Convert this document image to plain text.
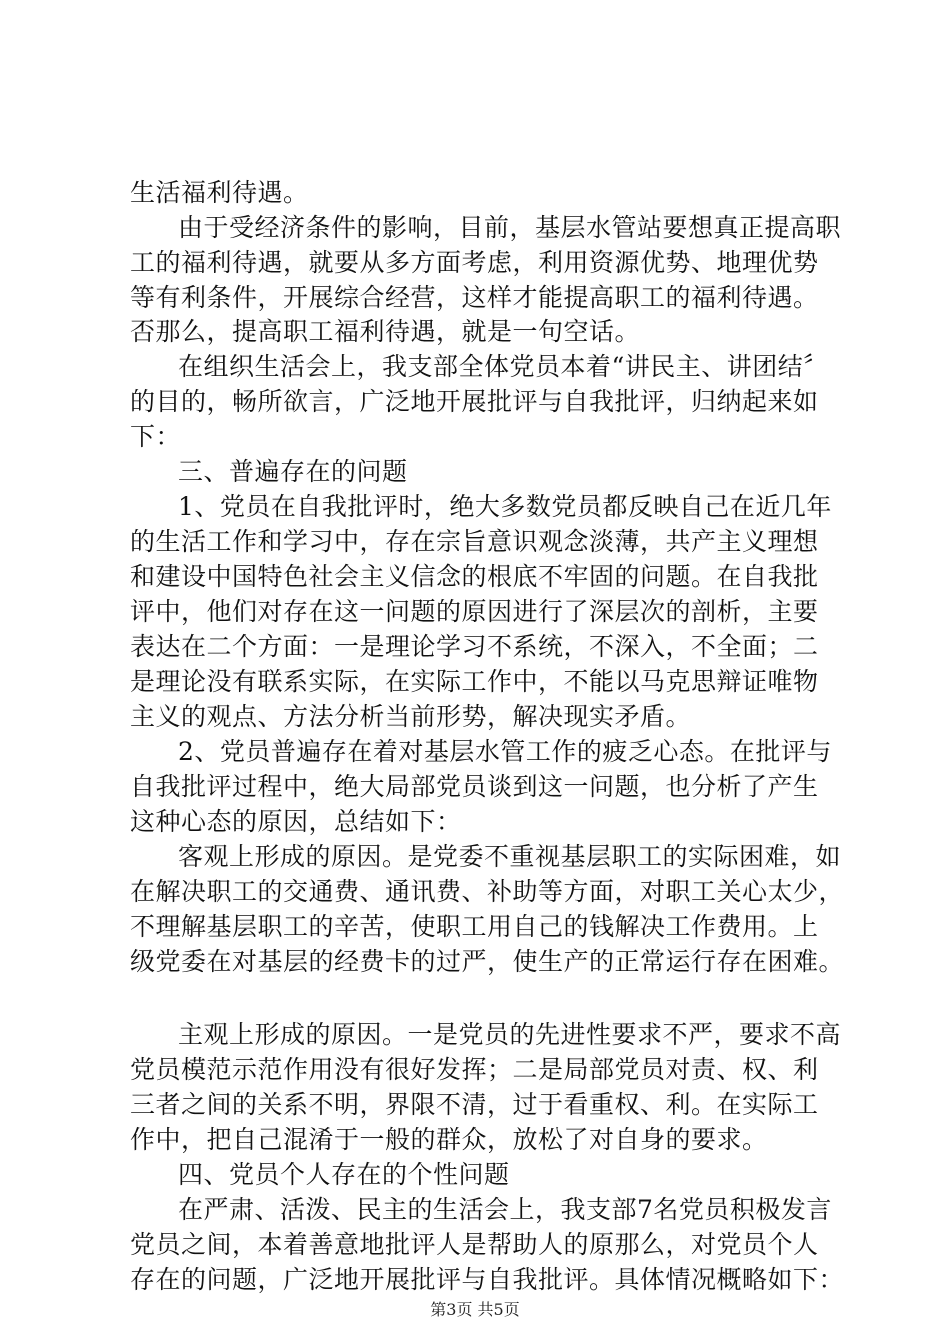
生活福利待遇。
由于受经济条件的影响，目前，基层水管站要想真正提高职
工的福利待遇，就要从多方面考虑，利用资源优势、地理优势
等有利条件，开展综合经营，这样才能提高职工的福利待遇。
否那么，提高职工福利待遇，就是一句空话。
在组织生活会上，我支部全体党员本着“讲民主、讲团结〞
的目的，畅所欲言，广泛地开展批评与自我批评，归纳起来如
下：
三、普遍存在的问题
1、党员在自我批评时，绝大多数党员都反映自己在近几年
的生活工作和学习中，存在宗旨意识观念淡薄，共产主义理想
和建设中国特色社会主义信念的根底不牢固的问题。在自我批
评中，他们对存在这一问题的原因进行了深层次的剖析，主要
表达在二个方面：一是理论学习不系统，不深入，不全面；二
是理论没有联系实际，在实际工作中，不能以马克思辩证唯物
主义的观点、方法分析当前形势，解决现实矛盾。
2、党员普遍存在着对基层水管工作的疲乏心态。在批评与
自我批评过程中，绝大局部党员谈到这一问题，也分析了产生
这种心态的原因，总结如下：
客观上形成的原因。是党委不重视基层职工的实际困难，如
在解决职工的交通费、通讯费、补助等方面，对职工关心太少，
不理解基层职工的辛苦，使职工用自己的钱解决工作费用。上
级党委在对基层的经费卡的过严，使生产的正常运行存在困难。
主观上形成的原因。一是党员的先进性要求不严，要求不高
党员模范示范作用没有很好发挥；二是局部党员对责、权、利
三者之间的关系不明，界限不清，过于看重权、利。在实际工
作中，把自己混淆于一般的群众，放松了对自身的要求。
四、党员个人存在的个性问题
在严肃、活泼、民主的生活会上，我支部7名党员积极发言
党员之间，本着善意地批评人是帮助人的原那么，对党员个人
存在的问题，广泛地开展批评与自我批评。具体情况概略如下：
第3页 共5页
